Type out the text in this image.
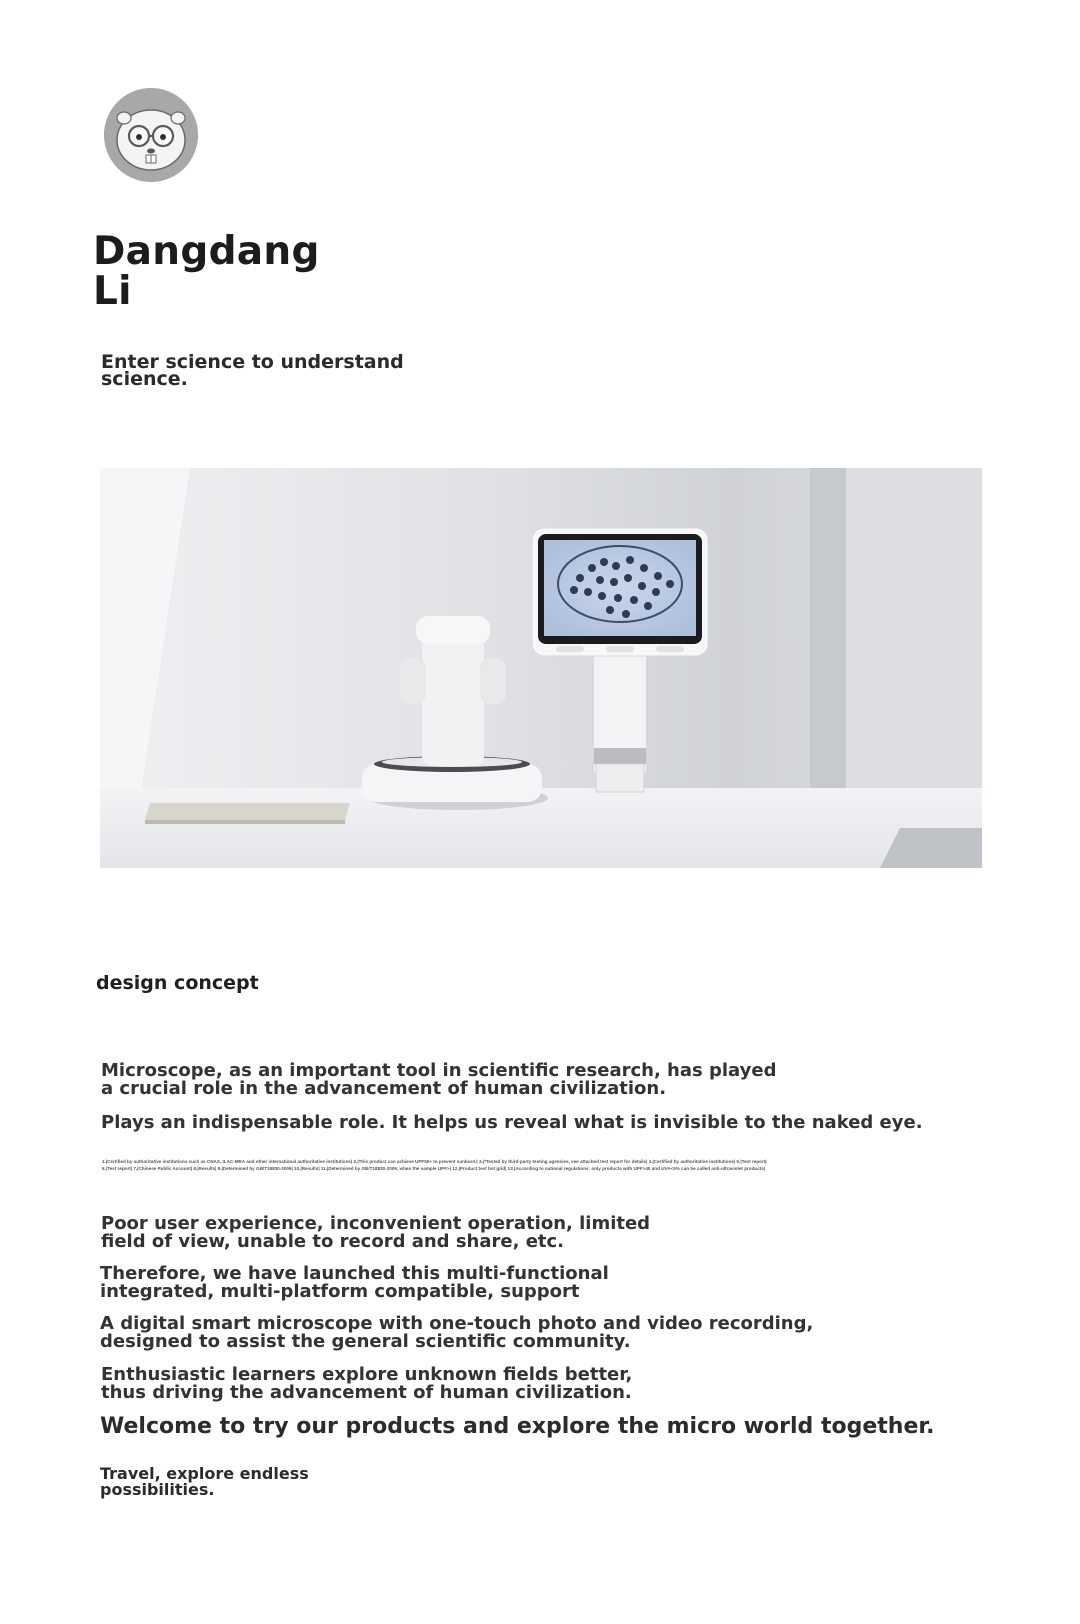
Dangdang
Li
Enter science to understand
science.
design concept
Microscope, as an important tool in scientific research, has played
a crucial role in the advancement of human civilization.
Plays an indispensable role. It helps us reveal what is invisible to the naked eye.
1.|Certified by authoritative institutions such as CNAS, ILAC-MRA and other international authoritative institutions| 2.|This product can achieve UPF50+ to prevent sunburn.| 3.|*Tested by third-party testing agencies, see attached test report for details| 4.|Certified by authoritative institutions| 5.|Test report|
6.|Test report| 7.|Chinese Public Account| 8.|Results| 9.|Determined by GB/T18830-2009| 10.|Results| 11.|Determined by GB/T18830-2009, when the sample UPF>| 12.|Product test hot grid| 13.|According to national regulations: only products with UPF>40 and UVA<5% can be called anti-ultraviolet products|
Poor user experience, inconvenient operation, limited
field of view, unable to record and share, etc.
Therefore, we have launched this multi-functional
integrated, multi-platform compatible, support
A digital smart microscope with one-touch photo and video recording,
designed to assist the general scientific community.
Enthusiastic learners explore unknown fields better,
thus driving the advancement of human civilization.
Welcome to try our products and explore the micro world together.
Travel, explore endless
possibilities.
